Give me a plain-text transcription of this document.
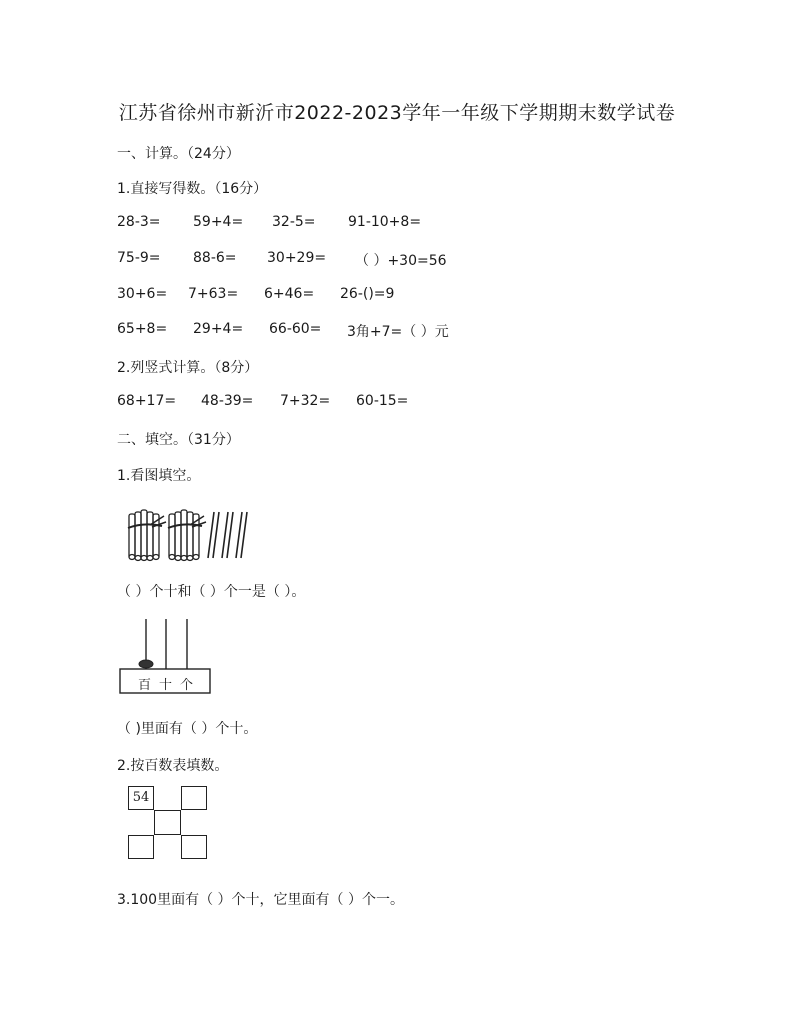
江苏省徐州市新沂市2022-2023学年一年级下学期期末数学试卷
一、计算。（24分）
1.直接写得数。（16分）
28-3= 59+4= 32-5= 91-10+8=
75-9= 88-6= 30+29= （ ）+30=56
30+6= 7+63= 6+46= 26-()=9
65+8= 29+4= 66-60= 3角+7=（ ）元
2.列竖式计算。（8分）
68+17= 48-39= 7+32= 60-15=
二、填空。（31分）
1.看图填空。
（ ）个十和（ ）个一是（ ）。
百 十 个
（ )里面有（ ）个十。
2.按百数表填数。
54
3.100里面有（ ）个十，它里面有（ ）个一。
